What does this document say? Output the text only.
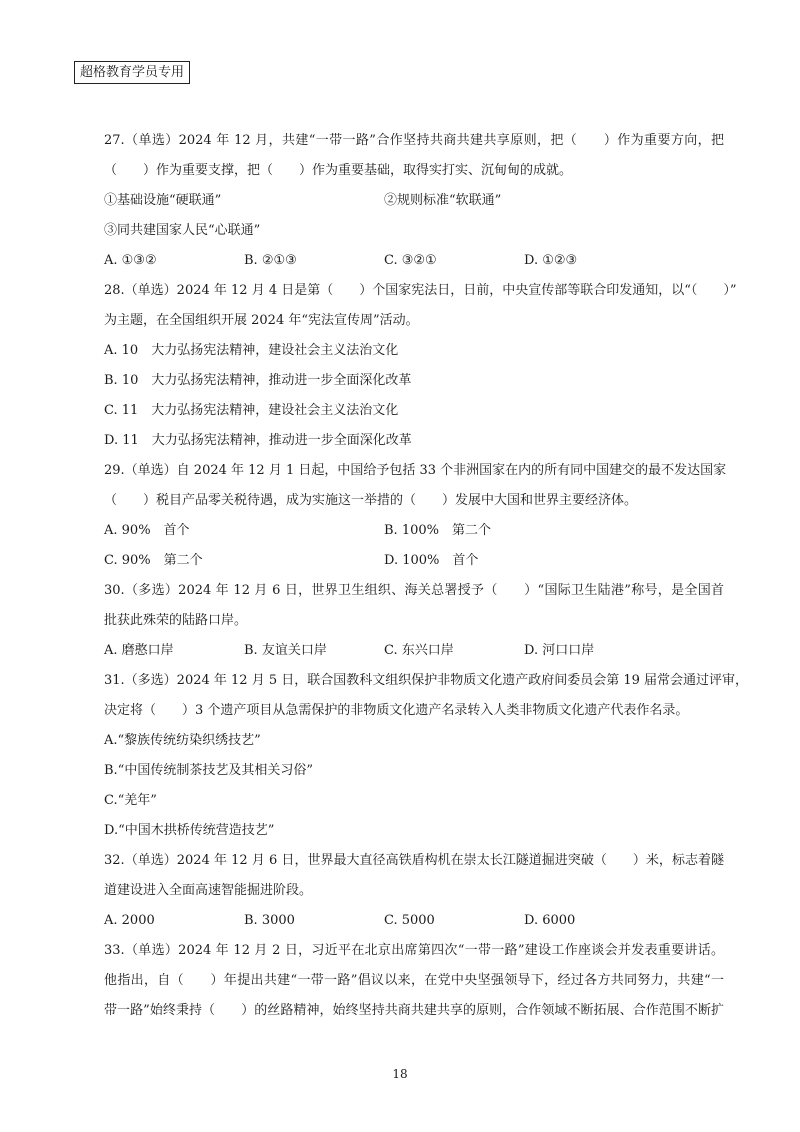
超格教育学员专用
27.（单选）2024 年 12 月，共建“一带一路”合作坚持共商共建共享原则，把（　　）作为重要方向，把
（　　）作为重要支撑，把（　　）作为重要基础，取得实打实、沉甸甸的成就。
①基础设施“硬联通”	②规则标准“软联通”
③同共建国家人民“心联通”
A. ①③②	B. ②①③	C. ③②①	D. ①②③
28.（单选）2024 年 12 月 4 日是第（　　）个国家宪法日，日前，中央宣传部等联合印发通知，以“（　　）”
为主题，在全国组织开展 2024 年“宪法宣传周”活动。
A. 10　大力弘扬宪法精神，建设社会主义法治文化
B. 10　大力弘扬宪法精神，推动进一步全面深化改革
C. 11　大力弘扬宪法精神，建设社会主义法治文化
D. 11　大力弘扬宪法精神，推动进一步全面深化改革
29.（单选）自 2024 年 12 月 1 日起，中国给予包括 33 个非洲国家在内的所有同中国建交的最不发达国家
（　　）税目产品零关税待遇，成为实施这一举措的（　　）发展中大国和世界主要经济体。
A. 90%　首个	B. 100%　第二个
C. 90%　第二个	D. 100%　首个
30.（多选）2024 年 12 月 6 日，世界卫生组织、海关总署授予（　　）“国际卫生陆港”称号，是全国首
批获此殊荣的陆路口岸。
A. 磨憨口岸	B. 友谊关口岸	C. 东兴口岸	D. 河口口岸
31.（多选）2024 年 12 月 5 日，联合国教科文组织保护非物质文化遗产政府间委员会第 19 届常会通过评审，
决定将（　　）3 个遗产项目从急需保护的非物质文化遗产名录转入人类非物质文化遗产代表作名录。
A.“黎族传统纺染织绣技艺”
B.“中国传统制茶技艺及其相关习俗”
C.“羌年”
D.“中国木拱桥传统营造技艺”
32.（单选）2024 年 12 月 6 日，世界最大直径高铁盾构机在崇太长江隧道掘进突破（　　）米，标志着隧
道建设进入全面高速智能掘进阶段。
A. 2000	B. 3000	C. 5000	D. 6000
33.（单选）2024 年 12 月 2 日，习近平在北京出席第四次“一带一路”建设工作座谈会并发表重要讲话。
他指出，自（　　）年提出共建“一带一路”倡议以来，在党中央坚强领导下，经过各方共同努力，共建“一
带一路”始终秉持（　　）的丝路精神，始终坚持共商共建共享的原则，合作领域不断拓展、合作范围不断扩
18
